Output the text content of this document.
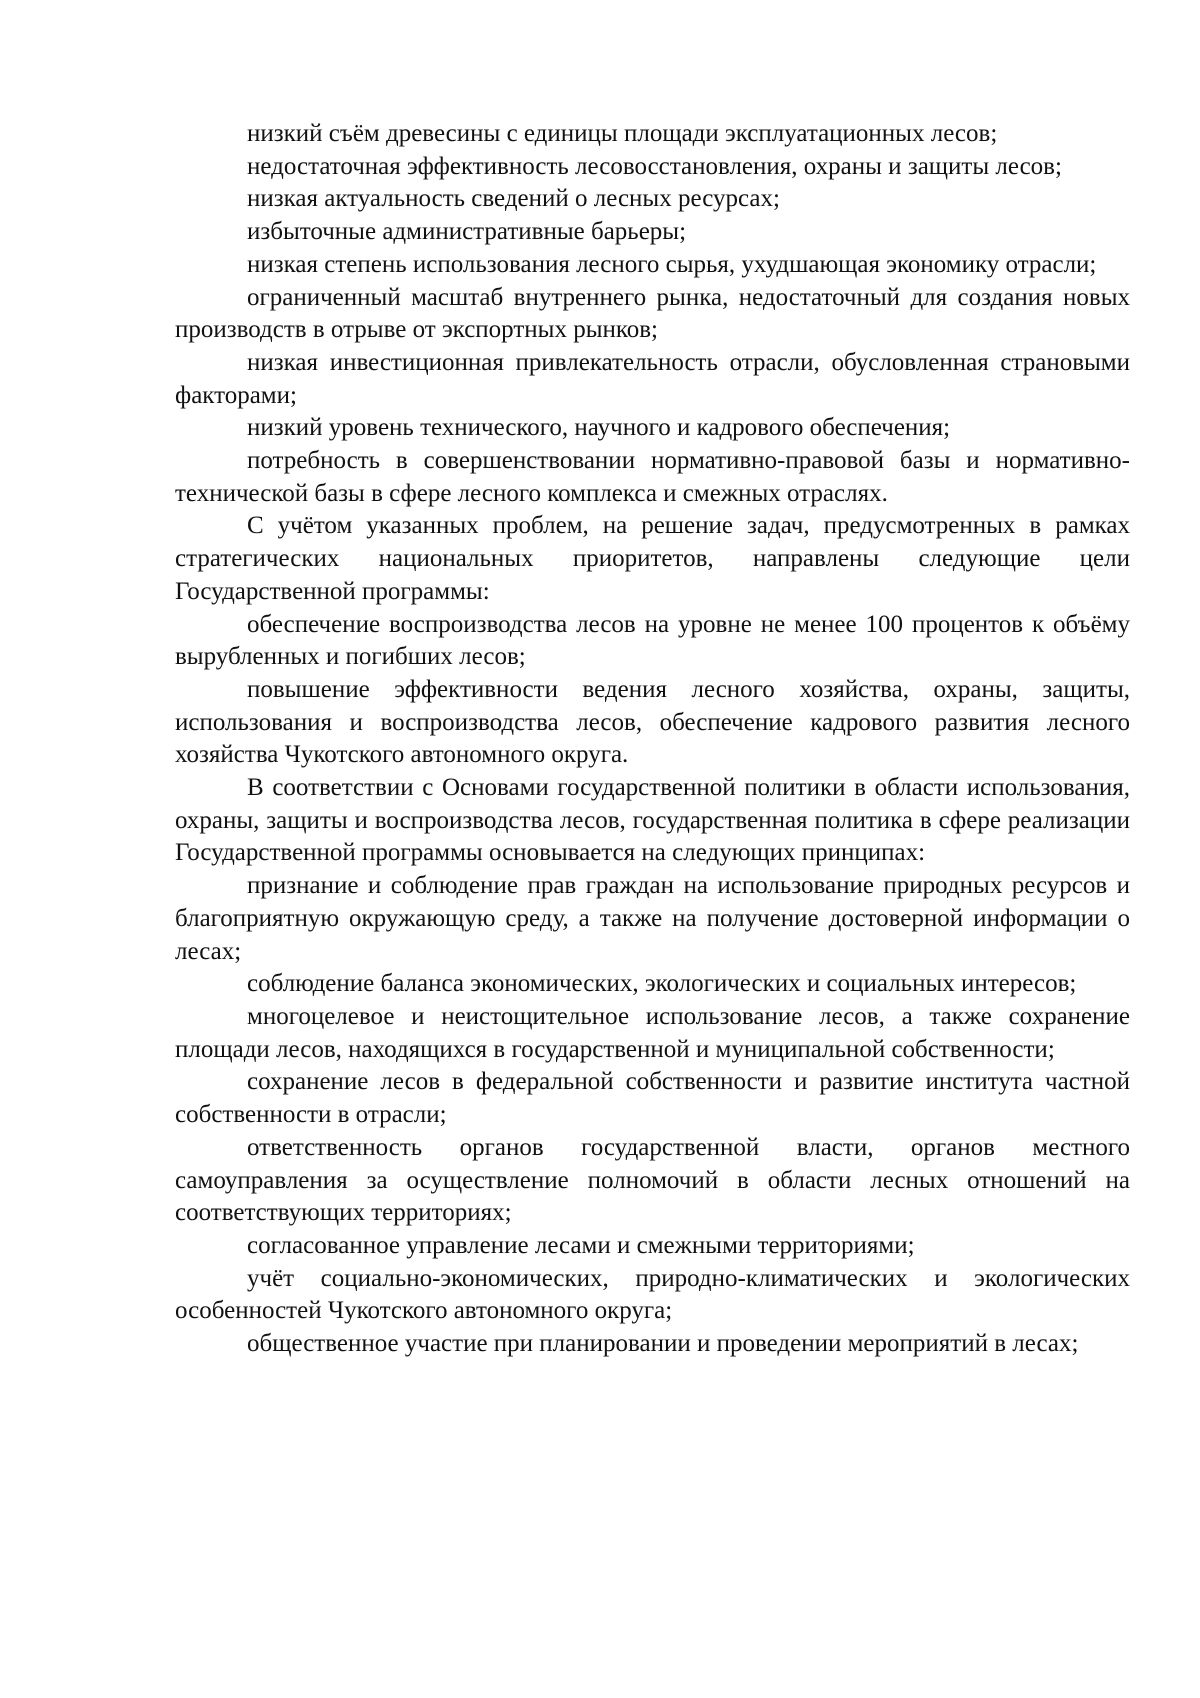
низкий съём древесины с единицы площади эксплуатационных лесов;

недостаточная эффективность лесовосстановления, охраны и защиты лесов;

низкая актуальность сведений о лесных ресурсах;

избыточные административные барьеры;

низкая степень использования лесного сырья, ухудшающая экономику отрасли;

ограниченный масштаб внутреннего рынка, недостаточный для создания новых производств в отрыве от экспортных рынков;

низкая инвестиционная привлекательность отрасли, обусловленная страновыми факторами;

низкий уровень технического, научного и кадрового обеспечения;

потребность в совершенствовании нормативно-правовой базы и нормативно-технической базы в сфере лесного комплекса и смежных отраслях.

С учётом указанных проблем, на решение задач, предусмотренных в рамках стратегических национальных приоритетов, направлены следующие цели Государственной программы:

обеспечение воспроизводства лесов на уровне не менее 100 процентов к объёму вырубленных и погибших лесов;

повышение эффективности ведения лесного хозяйства, охраны, защиты, использования и воспроизводства лесов, обеспечение кадрового развития лесного хозяйства Чукотского автономного округа.

В соответствии с Основами государственной политики в области использования, охраны, защиты и воспроизводства лесов, государственная политика в сфере реализации Государственной программы основывается на следующих принципах:

признание и соблюдение прав граждан на использование природных ресурсов и благоприятную окружающую среду, а также на получение достоверной информации о лесах;

соблюдение баланса экономических, экологических и социальных интересов;

многоцелевое и неистощительное использование лесов, а также сохранение площади лесов, находящихся в государственной и муниципальной собственности;

сохранение лесов в федеральной собственности и развитие института частной собственности в отрасли;

ответственность органов государственной власти, органов местного самоуправления за осуществление полномочий в области лесных отношений на соответствующих территориях;

согласованное управление лесами и смежными территориями;

учёт социально-экономических, природно-климатических и экологических особенностей Чукотского автономного округа;

общественное участие при планировании и проведении мероприятий в лесах;
